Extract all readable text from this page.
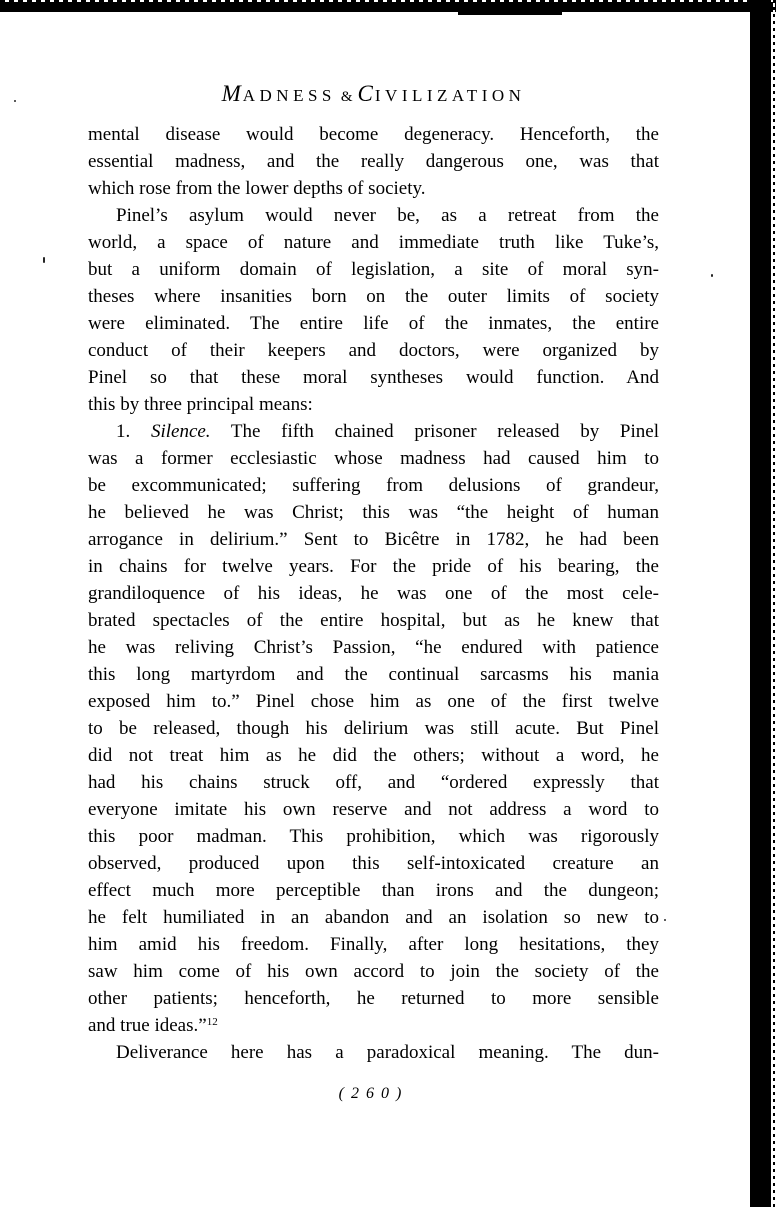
MADNESS & CIVILIZATION
mental disease would become degeneracy. Henceforth, the
essential madness, and the really dangerous one, was that
which rose from the lower depths of society.
Pinel’s asylum would never be, as a retreat from the
world, a space of nature and immediate truth like Tuke’s,
but a uniform domain of legislation, a site of moral syn-
theses where insanities born on the outer limits of society
were eliminated. The entire life of the inmates, the entire
conduct of their keepers and doctors, were organized by
Pinel so that these moral syntheses would function. And
this by three principal means:
1. Silence. The fifth chained prisoner released by Pinel
was a former ecclesiastic whose madness had caused him to
be excommunicated; suffering from delusions of grandeur,
he believed he was Christ; this was “the height of human
arrogance in delirium.” Sent to Bicêtre in 1782, he had been
in chains for twelve years. For the pride of his bearing, the
grandiloquence of his ideas, he was one of the most cele-
brated spectacles of the entire hospital, but as he knew that
he was reliving Christ’s Passion, “he endured with patience
this long martyrdom and the continual sarcasms his mania
exposed him to.” Pinel chose him as one of the first twelve
to be released, though his delirium was still acute. But Pinel
did not treat him as he did the others; without a word, he
had his chains struck off, and “ordered expressly that
everyone imitate his own reserve and not address a word to
this poor madman. This prohibition, which was rigorously
observed, produced upon this self-intoxicated creature an
effect much more perceptible than irons and the dungeon;
he felt humiliated in an abandon and an isolation so new to
him amid his freedom. Finally, after long hesitations, they
saw him come of his own accord to join the society of the
other patients; henceforth, he returned to more sensible
and true ideas.”$^{12}$
Deliverance here has a paradoxical meaning. The dun-
(260)
